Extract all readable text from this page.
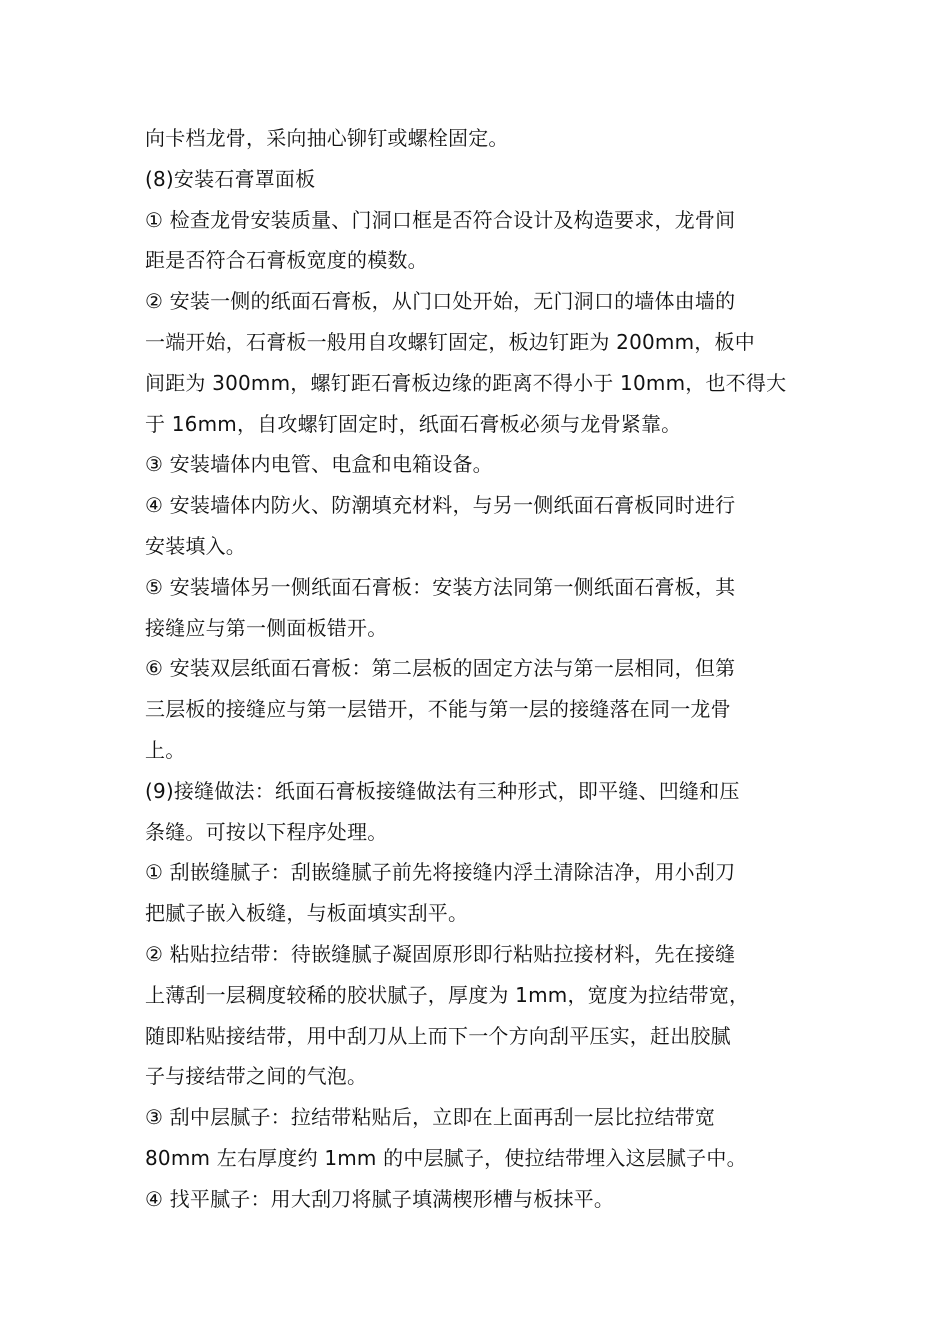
向卡档龙骨，采向抽心铆钉或螺栓固定。
(8)安装石膏罩面板
① 检查龙骨安装质量、门洞口框是否符合设计及构造要求，龙骨间
距是否符合石膏板宽度的模数。
② 安装一侧的纸面石膏板，从门口处开始，无门洞口的墙体由墙的
一端开始，石膏板一般用自攻螺钉固定，板边钉距为 200mm，板中
间距为 300mm，螺钉距石膏板边缘的距离不得小于 10mm，也不得大
于 16mm，自攻螺钉固定时，纸面石膏板必须与龙骨紧靠。
③ 安装墙体内电管、电盒和电箱设备。
④ 安装墙体内防火、防潮填充材料，与另一侧纸面石膏板同时进行
安装填入。
⑤ 安装墙体另一侧纸面石膏板：安装方法同第一侧纸面石膏板，其
接缝应与第一侧面板错开。
⑥ 安装双层纸面石膏板：第二层板的固定方法与第一层相同，但第
三层板的接缝应与第一层错开，不能与第一层的接缝落在同一龙骨
上。
(9)接缝做法：纸面石膏板接缝做法有三种形式，即平缝、凹缝和压
条缝。可按以下程序处理。
① 刮嵌缝腻子：刮嵌缝腻子前先将接缝内浮土清除洁净，用小刮刀
把腻子嵌入板缝，与板面填实刮平。
② 粘贴拉结带：待嵌缝腻子凝固原形即行粘贴拉接材料，先在接缝
上薄刮一层稠度较稀的胶状腻子，厚度为 1mm，宽度为拉结带宽，
随即粘贴接结带，用中刮刀从上而下一个方向刮平压实，赶出胶腻
子与接结带之间的气泡。
③ 刮中层腻子：拉结带粘贴后，立即在上面再刮一层比拉结带宽
80mm 左右厚度约 1mm 的中层腻子，使拉结带埋入这层腻子中。
④ 找平腻子：用大刮刀将腻子填满楔形槽与板抹平。
